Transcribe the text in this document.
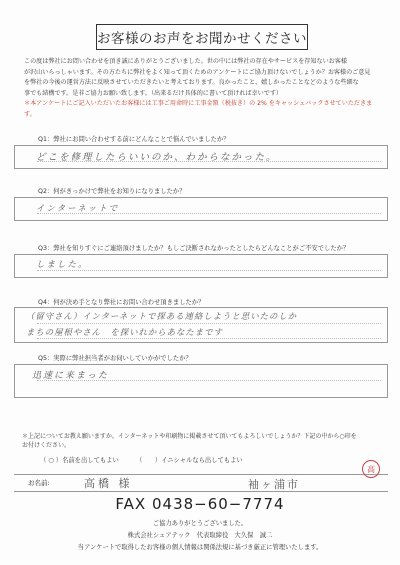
お客様のお声をお聞かせください
この度は弊社にお問い合わせを頂き誠にありがとうございました。世の中には弊社の存在やサービスを存知ないお客様
が沢山いらっしゃいます。その方たちに弊社をよく知って頂くためのアンケートにご協力頂けないでしょうか？お客様のご意見
を弊社の今後の運営方法に反映させていただきたいと考えております。良かったこと、嬉しかったことなどのような些細な
事でも結構です。是非ご協力お願い致します。（出来るだけ具体的に書いて頂ければ幸いです）
＊本アンケートにご記入いただいたお客様には工事ご用命時に工事金額（税抜き）の 2% をキャッシュバックさせていただきます。
Q1：弊社にお問い合わせする前にどんなことで悩んでいましたか？
どこを修理したらいいのか、わからなかった。
Q2：何がきっかけで弊社をお知りになりましたか？
インターネットで
Q3：弊社を知りすぐにご連絡頂けましたか？もしご決断されなかったとしたらどんなことがご不安でしたか？
しました。
Q4：何が決め手となり弊社にお問い合わせ頂きましたか？
（留守さん）インターネットで探ある連絡しようと思いたのしか
まちの屋根やさん　を探いれからあなたまです
Q5：実際に弊社担当者がお伺いしていかがでしたか？
迅速に来まった
＊上記についてお教え願いますか。インターネットや印刷物に掲載させて頂いてもよろしいでしょうか？下記の中から○印を
お付けください。
（ ○ ）名前を出してもよい	（　　）イニシャルなら出してもよい
お名前:	高橋 様	袖ヶ浦市
高
FAX 0438−60−7774
ご協力ありがとうございました。
株式会社シェアテック　代表取締役　大久保　誠二
当アンケートで取得したお客様の個人情報は関係法規に基づき厳正に管理いたします。
